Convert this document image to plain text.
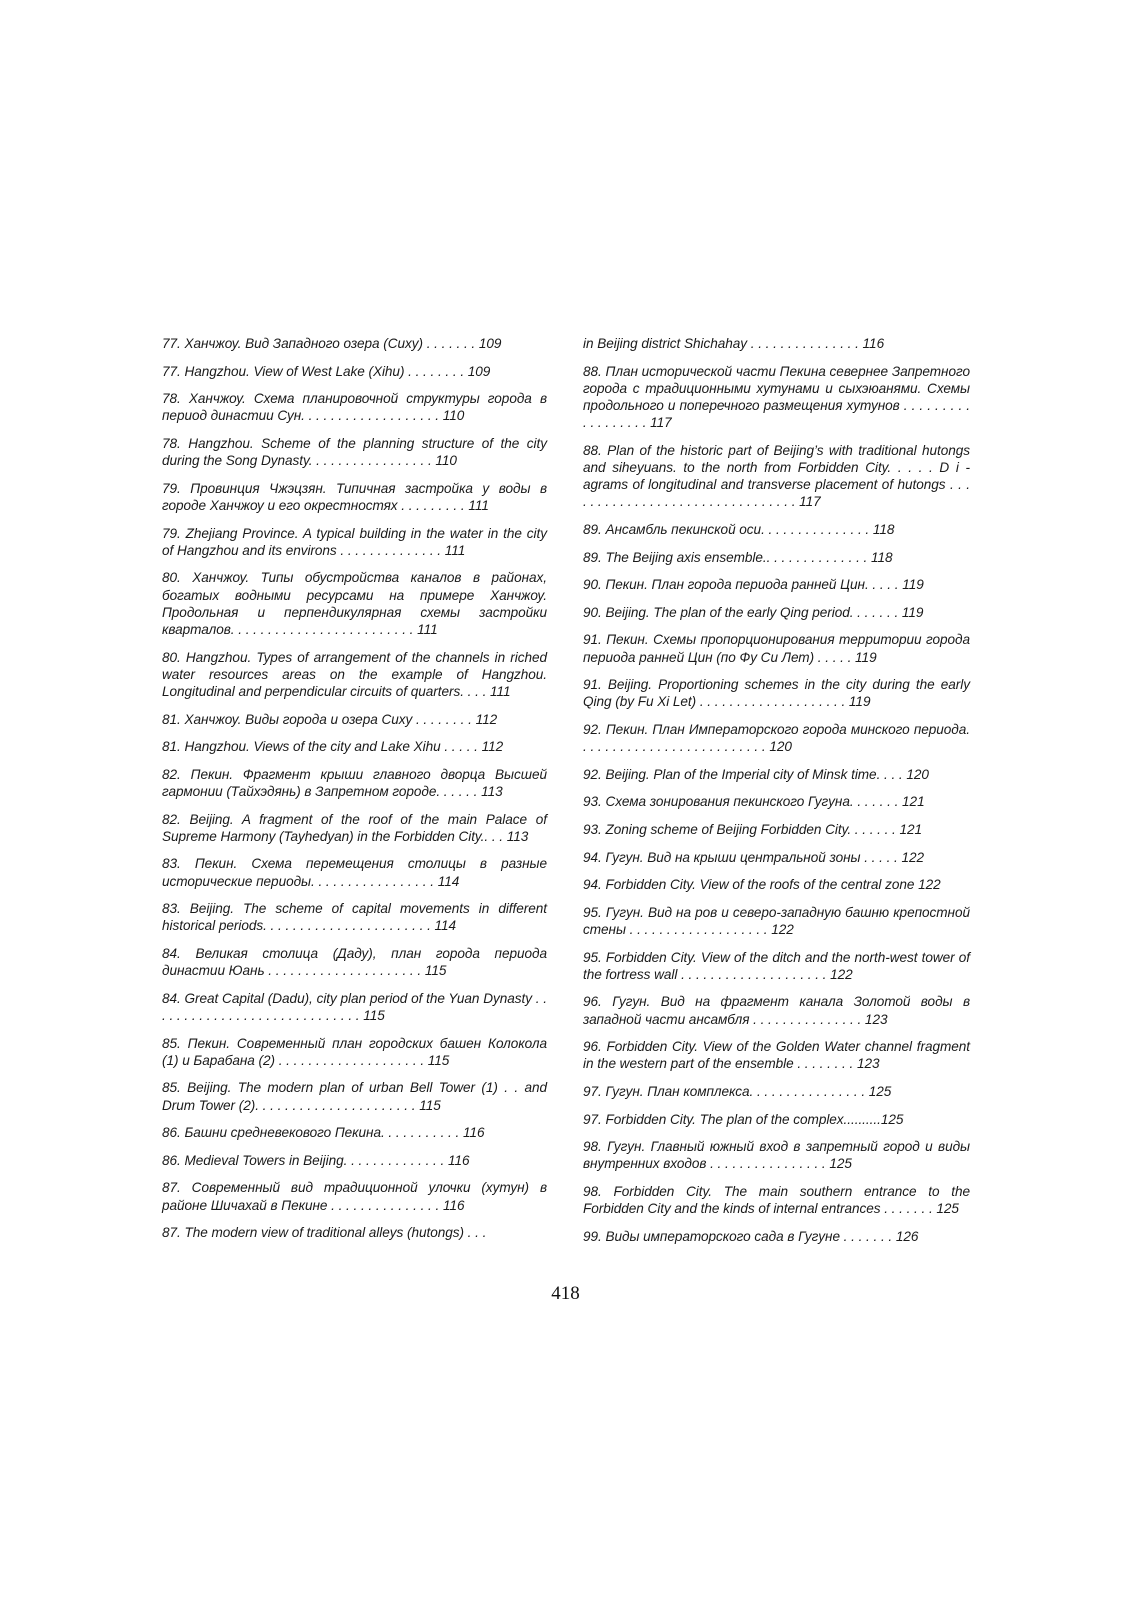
77. Ханчжоу. Вид Западного озера (Сиху) . . . . . . . 109

77. Hangzhou. View of West Lake (Xihu) . . . . . . . . 109

78. Ханчжоу. Схема планировочной структуры города в период династии Сун. . . . . . . . . . . . . . . . . . . 110

78. Hangzhou. Scheme of the planning structure of the city during the Song Dynasty. . . . . . . . . . . . . . . . . 110

79. Провинция Чжэцзян. Типичная застройка у воды в городе Ханчжоу и его окрестностях . . . . . . . . . 111

79. Zhejiang Province. A typical building in the water in the city of Hangzhou and its environs . . . . . . . . . . . . . . 111

80. Ханчжоу. Типы обустройства каналов в районах, богатых водными ресурсами на примере Ханчжоу. Продольная и перпендикулярная схемы застройки кварталов. . . . . . . . . . . . . . . . . . . . . . . . . 111

80. Hangzhou. Types of arrangement of the channels in riched water resources areas on the example of Hangzhou. Longitudinal and perpendicular circuits of quarters. . . . 111

81. Ханчжоу. Виды города и озера Сиху . . . . . . . . 112

81. Hangzhou. Views of the city and Lake Xihu . . . . . 112

82. Пекин. Фрагмент крыши главного дворца Высшей гармонии (Тайхэдянь) в Запретном городе. . . . . . 113

82. Beijing. A fragment of the roof of the main Palace of Supreme Harmony (Tayhedyan) in the Forbidden City.. . . 113

83. Пекин. Схема перемещения столицы в разные исторические периоды. . . . . . . . . . . . . . . . . 114

83. Beijing. The scheme of capital movements in different historical periods. . . . . . . . . . . . . . . . . . . . . . . 114

84. Великая столица (Даду), план города периода династии Юань . . . . . . . . . . . . . . . . . . . . . 115

84. Great Capital (Dadu), city plan period of the Yuan Dynasty . . . . . . . . . . . . . . . . . . . . . . . . . . . . . 115

85. Пекин. Современный план городских башен Колокола (1) и Барабана (2) . . . . . . . . . . . . . . . . . . . . 115

85. Beijing. The modern plan of urban Bell Tower (1) . . and Drum Tower (2). . . . . . . . . . . . . . . . . . . . . . 115

86. Башни средневекового Пекина. . . . . . . . . . . 116

86. Medieval Towers in Beijing. . . . . . . . . . . . . . 116

87. Современный вид традиционной улочки (хутун) в районе Шичахай в Пекине . . . . . . . . . . . . . . . 116

87. The modern view of traditional alleys (hutongs) . . .

in Beijing district Shichahay . . . . . . . . . . . . . . . 116

88. План исторической части Пекина севернее Запретного города с традиционными хутунами и сыхэюанями. Схемы продольного и поперечного размещения хутунов . . . . . . . . . . . . . . . . . . 117

88. Plan of the historic part of Beijing’s with traditional hutongs and siheyuans. to the north from Forbidden City. . . . . D i - agrams of longitudinal and transverse placement of hutongs . . . . . . . . . . . . . . . . . . . . . . . . . . . . . . . . 117

89. Ансамбль пекинской оси. . . . . . . . . . . . . . . 118

89. The Beijing axis ensemble.. . . . . . . . . . . . . . 118

90. Пекин. План города периода ранней Цин. . . . . 119

90. Beijing. The plan of the early Qing period. . . . . . . 119

91. Пекин. Схемы пропорционирования территории города периода ранней Цин (по Фу Си Лет) . . . . . 119

91. Beijing. Proportioning schemes in the city during the early Qing (by Fu Xi Let) . . . . . . . . . . . . . . . . . . . . 119

92. Пекин. План Императорского города минского периода. . . . . . . . . . . . . . . . . . . . . . . . . . 120

92. Beijing. Plan of the Imperial city of Minsk time. . . . 120

93. Схема зонирования пекинского Гугуна. . . . . . . 121

93. Zoning scheme of Beijing Forbidden City. . . . . . . 121

94. Гугун. Вид на крыши центральной зоны . . . . . 122

94. Forbidden City. View of the roofs of the central zone 122

95. Гугун. Вид на ров и северо-западную башню крепостной стены . . . . . . . . . . . . . . . . . . . 122

95. Forbidden City. View of the ditch and the north-west tower of the fortress wall . . . . . . . . . . . . . . . . . . . . 122

96. Гугун. Вид на фрагмент канала Золотой воды в западной части ансамбля . . . . . . . . . . . . . . . 123

96. Forbidden City. View of the Golden Water channel fragment in the western part of the ensemble . . . . . . . . 123

97. Гугун. План комплекса. . . . . . . . . . . . . . . . 125

97. Forbidden City. The plan of the complex..........125

98. Гугун. Главный южный вход в запретный город и виды внутренних входов . . . . . . . . . . . . . . . . 125

98. Forbidden City. The main southern entrance to the Forbidden City and the kinds of internal entrances . . . . . . . 125

99. Виды императорского сада в Гугуне . . . . . . . 126

418
